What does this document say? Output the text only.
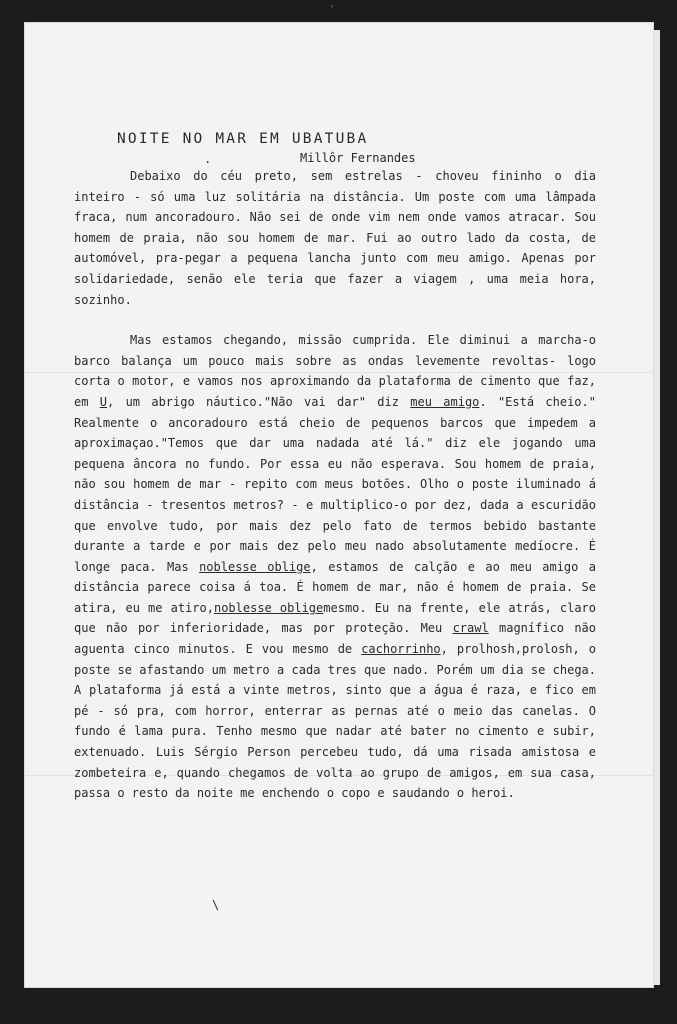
'
NOITE NO MAR EM UBATUBA
.	Millôr Fernandes

Debaixo do céu preto, sem estrelas - choveu fininho o dia inteiro - só uma luz solitária na distância. Um poste com uma lâmpada fraca, num ancoradouro. Não sei de onde vim nem onde vamos atracar. Sou homem de praia, não sou homem de mar. Fui ao outro lado da costa, de automóvel, pra-pegar a pequena lancha junto com meu amigo. Apenas por solidariedade, senão ele teria que fazer a viagem , uma meia hora, sozinho.

Mas estamos chegando, missão cumprida. Ele diminui a marcha-o barco balança um pouco mais sobre as ondas levemente revoltas- logo corta o motor, e vamos nos aproximando da plataforma de cimento que faz, em U, um abrigo náutico."Não vai dar" diz meu amigo. "Está cheio." Realmente o ancoradouro está cheio de pequenos barcos que impedem a aproximaçao."Temos que dar uma nadada até lá." diz ele jogando uma pequena âncora no fundo. Por essa eu não esperava. Sou homem de praia, não sou homem de mar - repito com meus botões. Olho o poste iluminado á distância - tresentos metros? - e multiplico-o por dez, dada a escuridão que envolve tudo, por mais dez pelo fato de termos bebido bastante durante a tarde e por mais dez pelo meu nado absolutamente medíocre. É longe paca. Mas noblesse oblige, estamos de calção e ao meu amigo a distância parece coisa á toa. É homem de mar, não é homem de praia. Se atira, eu me atiro,noblesse obligemesmo. Eu na frente, ele atrás, claro que não por inferioridade, mas por proteção. Meu crawl magnífico não aguenta cinco minutos. E vou mesmo de cachorrinho, prolhosh,prolosh, o poste se afastando um metro a cada tres que nado. Porém um dia se chega. A plataforma já está a vinte metros, sinto que a água é raza, e fico em pé - só pra, com horror, enterrar as pernas até o meio das canelas. O fundo é lama pura. Tenho mesmo que nadar até bater no cimento e subir, extenuado. Luis Sérgio Person percebeu tudo, dá uma risada amistosa e zombeteira e, quando chegamos de volta ao grupo de amigos, em sua casa, passa o resto da noite me enchendo o copo e saudando o heroi.

\
